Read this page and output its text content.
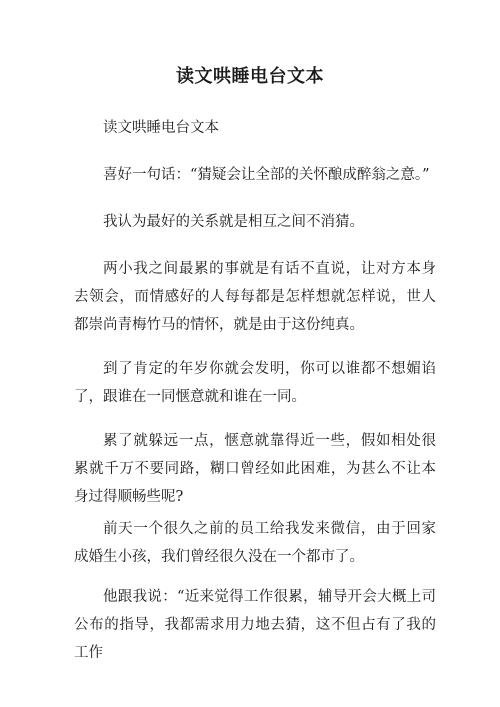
读文哄睡电台文本

读文哄睡电台文本

喜好一句话：“猜疑会让全部的关怀酿成醉翁之意。”

我认为最好的关系就是相互之间不消猜。

两小我之间最累的事就是有话不直说，让对方本身去领会，而情感好的人每每都是怎样想就怎样说，世人都崇尚青梅竹马的情怀，就是由于这份纯真。

到了肯定的年岁你就会发明，你可以谁都不想媚谄了，跟谁在一同惬意就和谁在一同。

累了就躲远一点，惬意就靠得近一些，假如相处很累就千万不要同路，糊口曾经如此困难，为甚么不让本身过得顺畅些呢?

前天一个很久之前的员工给我发来微信，由于回家成婚生小孩，我们曾经很久没在一个都市了。

他跟我说：“近来觉得工作很累，辅导开会大概上司公布的指导，我都需求用力地去猜，这不但占有了我的工作
